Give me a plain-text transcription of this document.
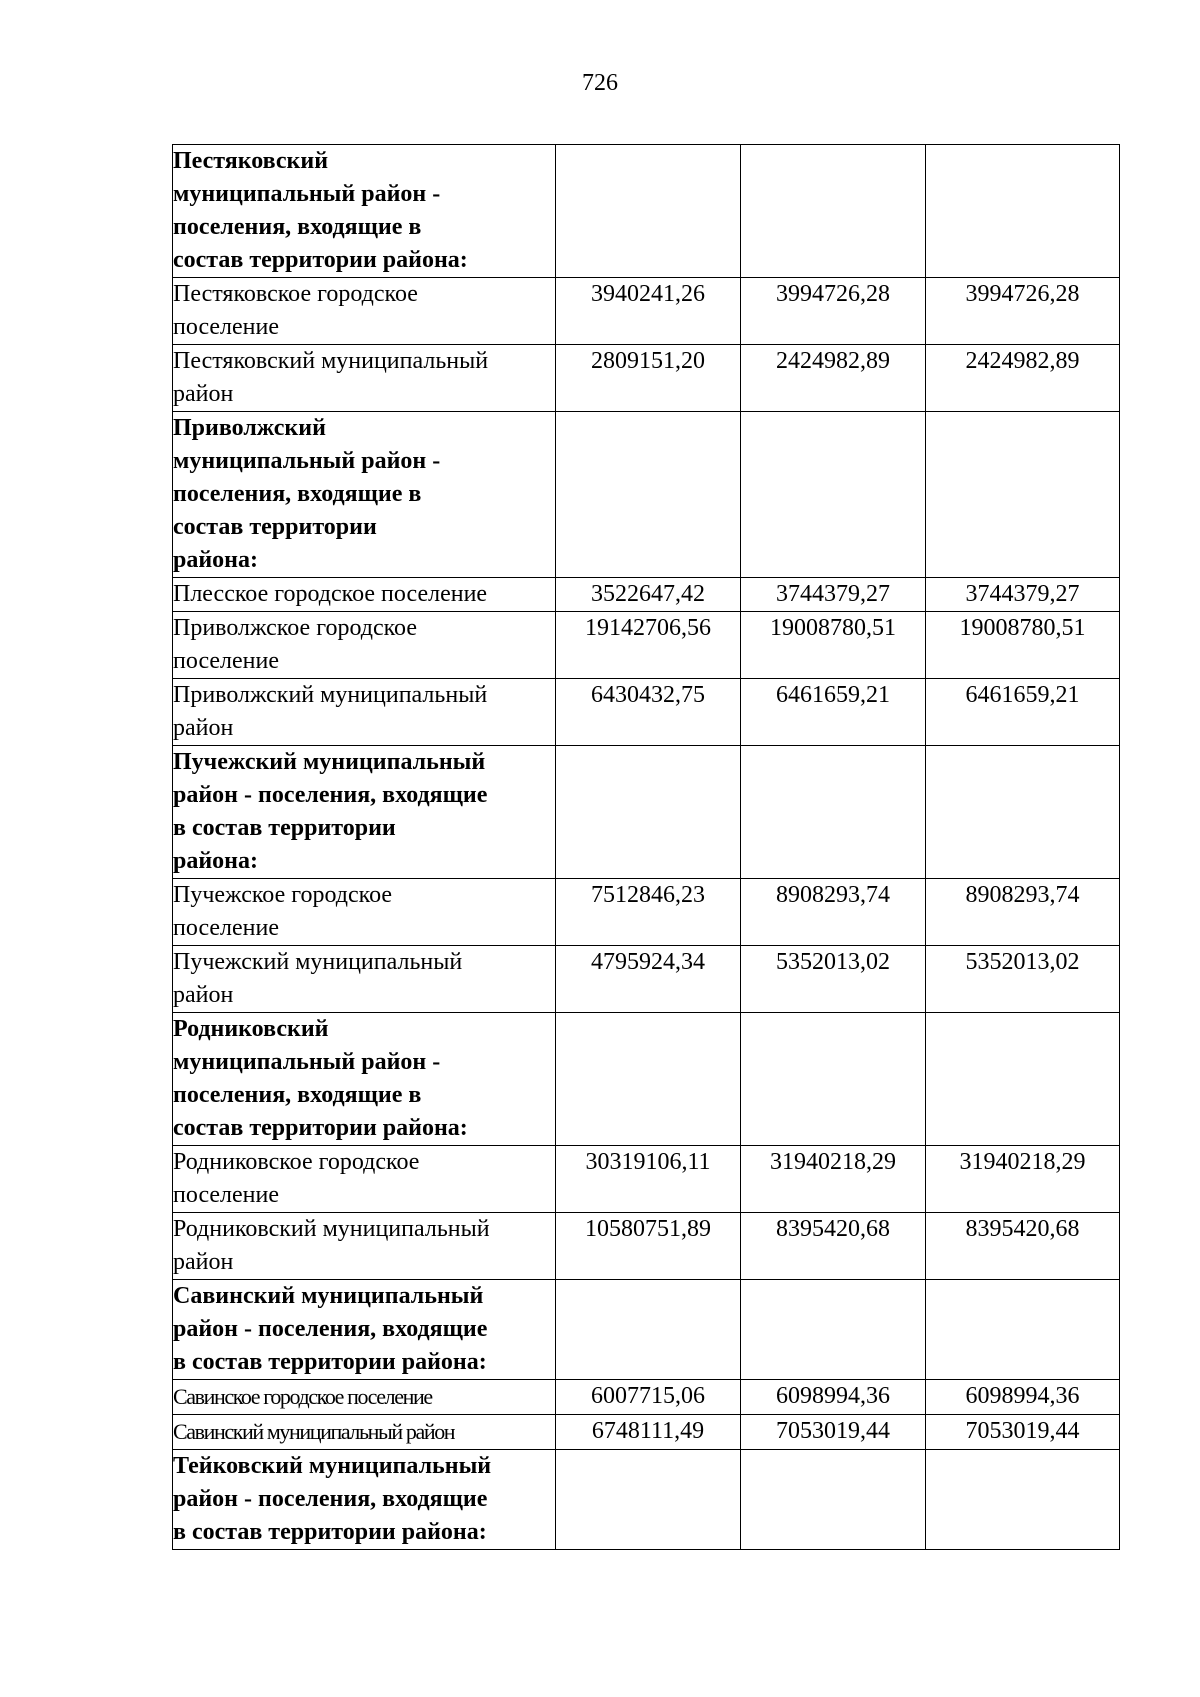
726
Пестяковский
муниципальный район -
поселения, входящие в
состав территории района:			
Пестяковское городское
поселение	3940241,26	3994726,28	3994726,28
Пестяковский муниципальный
район	2809151,20	2424982,89	2424982,89
Приволжский
муниципальный район -
поселения, входящие в
состав территории
района:			
Плесское городское поселение	3522647,42	3744379,27	3744379,27
Приволжское городское
поселение	19142706,56	19008780,51	19008780,51
Приволжский муниципальный
район	6430432,75	6461659,21	6461659,21
Пучежский муниципальный
район - поселения, входящие
в состав территории
района:			
Пучежское городское
поселение	7512846,23	8908293,74	8908293,74
Пучежский муниципальный
район	4795924,34	5352013,02	5352013,02
Родниковский
муниципальный район -
поселения, входящие в
состав территории района:			
Родниковское городское
поселение	30319106,11	31940218,29	31940218,29
Родниковский муниципальный
район	10580751,89	8395420,68	8395420,68
Савинский муниципальный
район - поселения, входящие
в состав территории района:			
Савинское городское поселение	6007715,06	6098994,36	6098994,36
Савинский муниципальный район	6748111,49	7053019,44	7053019,44
Тейковский муниципальный
район - поселения, входящие
в состав территории района:			
